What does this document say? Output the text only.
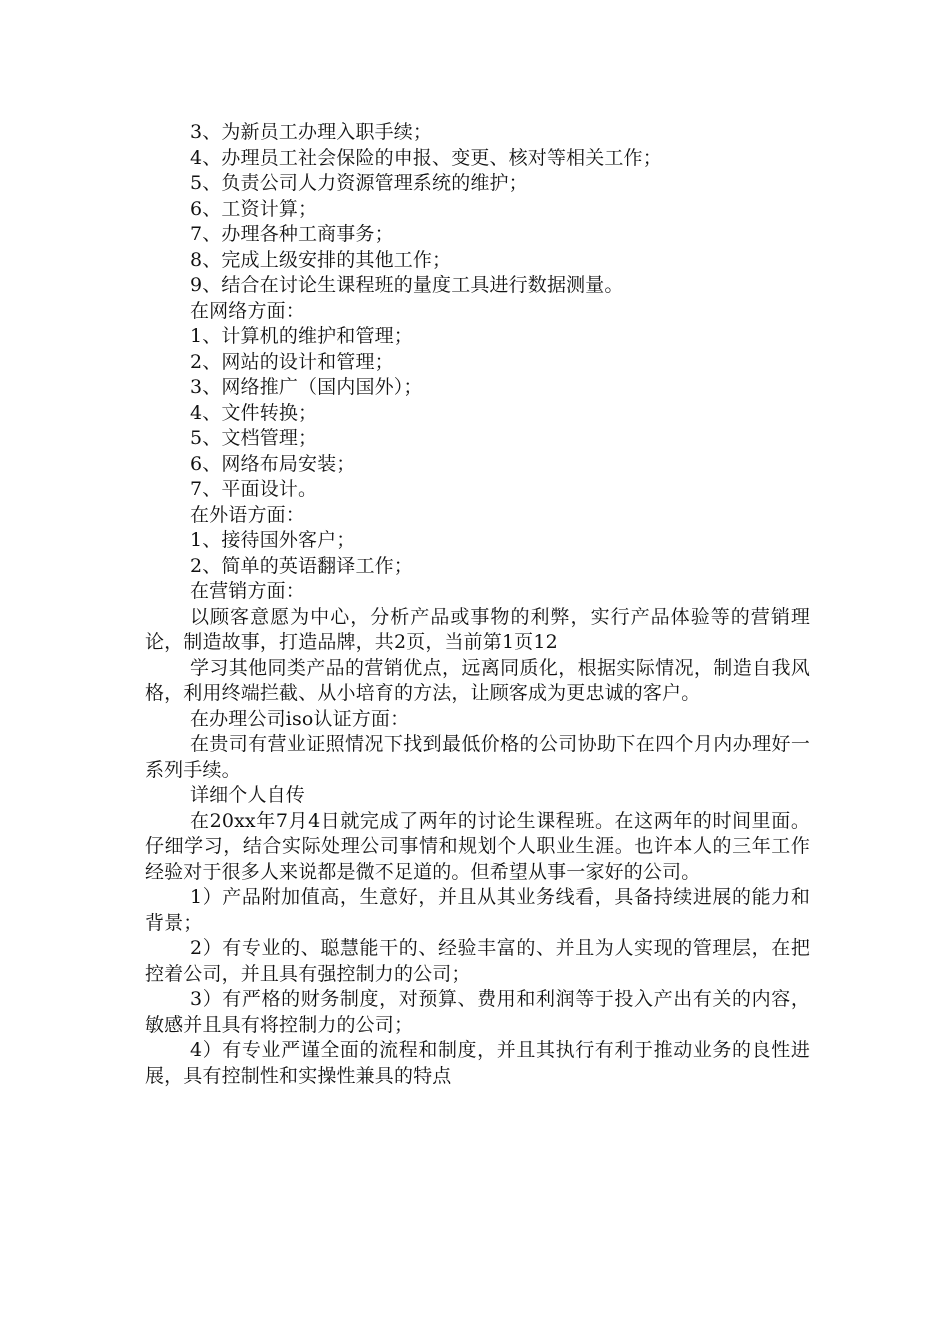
3、为新员工办理入职手续；

4、办理员工社会保险的申报、变更、核对等相关工作；

5、负责公司人力资源管理系统的维护；

6、工资计算；

7、办理各种工商事务；

8、完成上级安排的其他工作；

9、结合在讨论生课程班的量度工具进行数据测量。

在网络方面：

1、计算机的维护和管理；

2、网站的设计和管理；

3、网络推广（国内国外）；

4、文件转换；

5、文档管理；

6、网络布局安装；

7、平面设计。

在外语方面：

1、接待国外客户；

2、简单的英语翻译工作；

在营销方面：

以顾客意愿为中心，分析产品或事物的利弊，实行产品体验等的营销理论，制造故事，打造品牌，共2页，当前第1页12

学习其他同类产品的营销优点，远离同质化，根据实际情况，制造自我风格，利用终端拦截、从小培育的方法，让顾客成为更忠诚的客户。

在办理公司iso认证方面：

在贵司有营业证照情况下找到最低价格的公司协助下在四个月内办理好一系列手续。

详细个人自传

在20xx年7月4日就完成了两年的讨论生课程班。在这两年的时间里面。仔细学习，结合实际处理公司事情和规划个人职业生涯。也许本人的三年工作经验对于很多人来说都是微不足道的。但希望从事一家好的公司。

1）产品附加值高，生意好，并且从其业务线看，具备持续进展的能力和背景；

2）有专业的、聪慧能干的、经验丰富的、并且为人实现的管理层，在把控着公司，并且具有强控制力的公司；

3）有严格的财务制度，对预算、费用和利润等于投入产出有关的内容，敏感并且具有将控制力的公司；

4）有专业严谨全面的流程和制度，并且其执行有利于推动业务的良性进展，具有控制性和实操性兼具的特点
